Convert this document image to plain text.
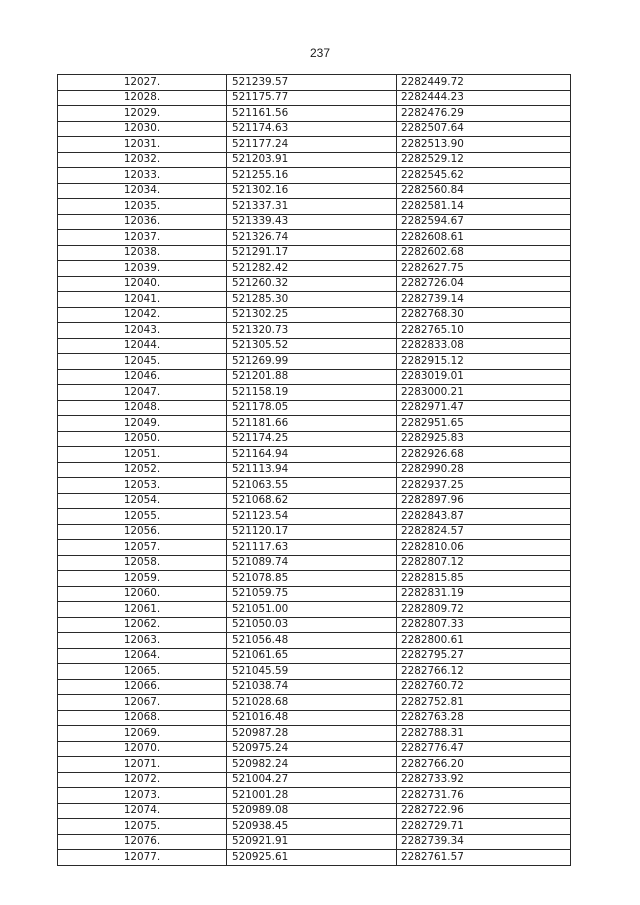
237
12027.	521239.57	2282449.72
12028.	521175.77	2282444.23
12029.	521161.56	2282476.29
12030.	521174.63	2282507.64
12031.	521177.24	2282513.90
12032.	521203.91	2282529.12
12033.	521255.16	2282545.62
12034.	521302.16	2282560.84
12035.	521337.31	2282581.14
12036.	521339.43	2282594.67
12037.	521326.74	2282608.61
12038.	521291.17	2282602.68
12039.	521282.42	2282627.75
12040.	521260.32	2282726.04
12041.	521285.30	2282739.14
12042.	521302.25	2282768.30
12043.	521320.73	2282765.10
12044.	521305.52	2282833.08
12045.	521269.99	2282915.12
12046.	521201.88	2283019.01
12047.	521158.19	2283000.21
12048.	521178.05	2282971.47
12049.	521181.66	2282951.65
12050.	521174.25	2282925.83
12051.	521164.94	2282926.68
12052.	521113.94	2282990.28
12053.	521063.55	2282937.25
12054.	521068.62	2282897.96
12055.	521123.54	2282843.87
12056.	521120.17	2282824.57
12057.	521117.63	2282810.06
12058.	521089.74	2282807.12
12059.	521078.85	2282815.85
12060.	521059.75	2282831.19
12061.	521051.00	2282809.72
12062.	521050.03	2282807.33
12063.	521056.48	2282800.61
12064.	521061.65	2282795.27
12065.	521045.59	2282766.12
12066.	521038.74	2282760.72
12067.	521028.68	2282752.81
12068.	521016.48	2282763.28
12069.	520987.28	2282788.31
12070.	520975.24	2282776.47
12071.	520982.24	2282766.20
12072.	521004.27	2282733.92
12073.	521001.28	2282731.76
12074.	520989.08	2282722.96
12075.	520938.45	2282729.71
12076.	520921.91	2282739.34
12077.	520925.61	2282761.57
